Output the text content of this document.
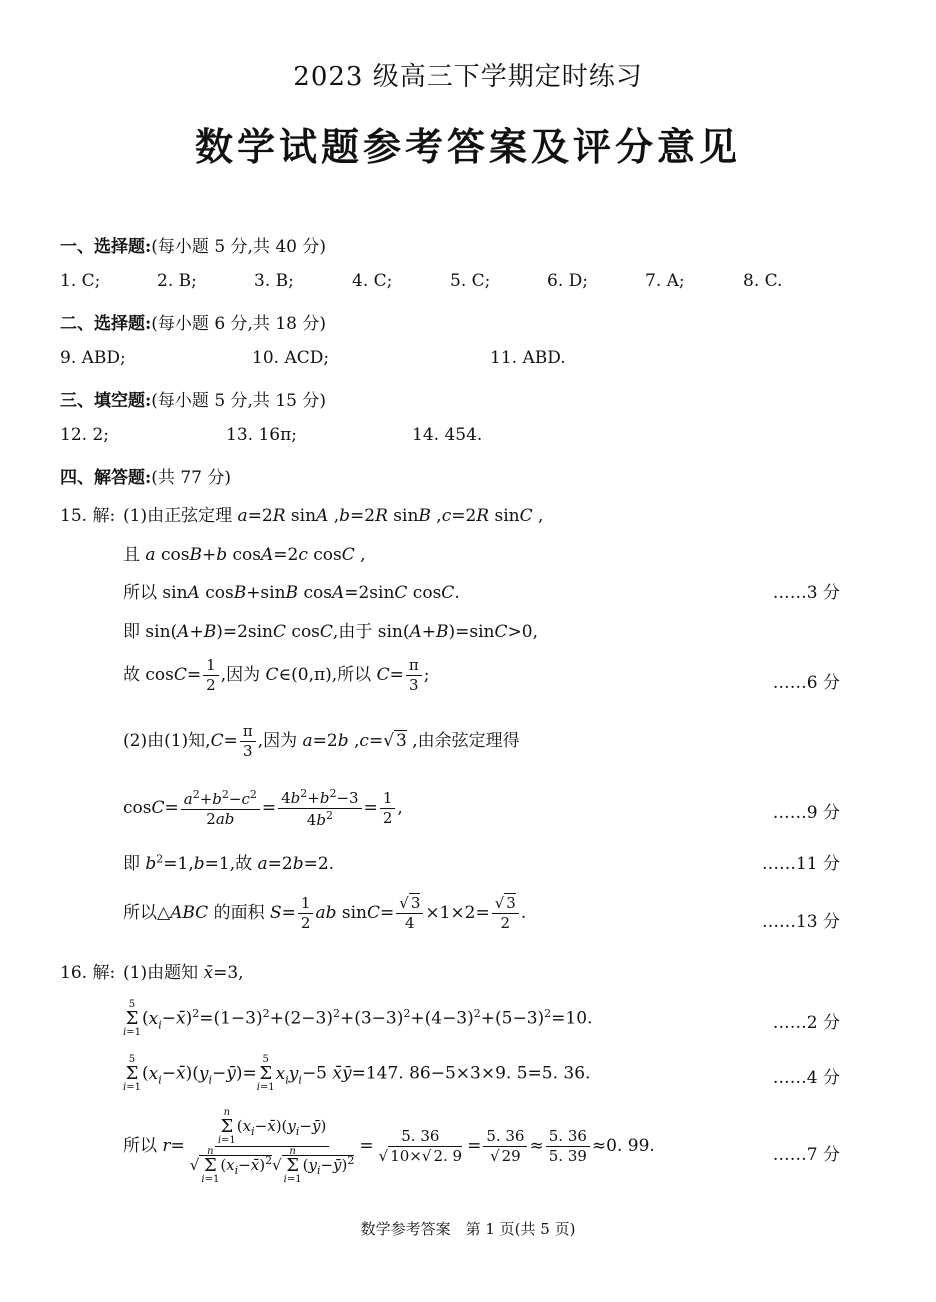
2023 级高三下学期定时练习
数学试题参考答案及评分意见
一、选择题:(每小题 5 分,共 40 分)
1. C;	2. B;	3. B;	4. C;	5. C;	6. D;	7. A;	8. C.
二、选择题:(每小题 6 分,共 18 分)
9. ABD;	10. ACD;	11. ABD.
三、填空题:(每小题 5 分,共 15 分)
12. 2;	13. 16π;	14. 454.
四、解答题:(共 77 分)
15. 解: (1)由正弦定理 a=2R sinA ,b=2R sinB ,c=2R sinC ,
且 a cosB+b cosA=2c cosC ,
所以 sinA cosB+sinB cosA=2sinC cosC.	……3 分
即 sin(A+B)=2sinC cosC,由于 sin(A+B)=sinC>0,
故 $\cos C= \frac{1}{2}$ ,因为 C∈(0,π),所以 $C= \frac{\pi}{3}$ ;	……6 分
(2)由(1)知$,C= \frac{\pi}{3}$ ,因为 a=2b ,c=√ 3 ,由余弦定理得
$\cos C= \frac{a^2+b^2-c^2}{2ab} = \frac{4b^2+b^2-3}{4b^2} = \frac{1}{2}$ ,	……9 分
即 $b^2=1,b=1$,故 a=2b=2.	……11 分
所以△ABC 的面积 $S= \frac{1}{2}$ ab $\sin C= \frac{√ 3}{4} \times 1\times 2= \frac{√ 3}{2}$ .	……13 分
16. 解: (1)由题知 x̄=3,
5
Σ
i=1
$(x_i-x̄)^2=(1-3)^2+(2-3)^2+(3-3)^2+(4-3)^2+(5-3)^2=10$.	……2 分
5
Σ
i=1
$(x_i-x̄)(y_i-ȳ)=$
5
Σ
i=1
$x_iy_i-5$ x̄ȳ=147. 86−5×3×9. 5=5. 36.	……4 分
所以 r= n
Σ
i=1
$(x_i-x̄)(y_i-ȳ)$
√
n
Σ
i=1
$(x_i-x̄)^2√$
n
Σ
i=1
$(y_i-ȳ)^2 = \frac{5. 36}{√ 10\times√ 2. 9} = \frac{5. 36}{√ 29} \approx \frac{5. 36}{5. 39} \approx 0$. 99.	……7 分
数学参考答案　第 1 页(共 5 页)
